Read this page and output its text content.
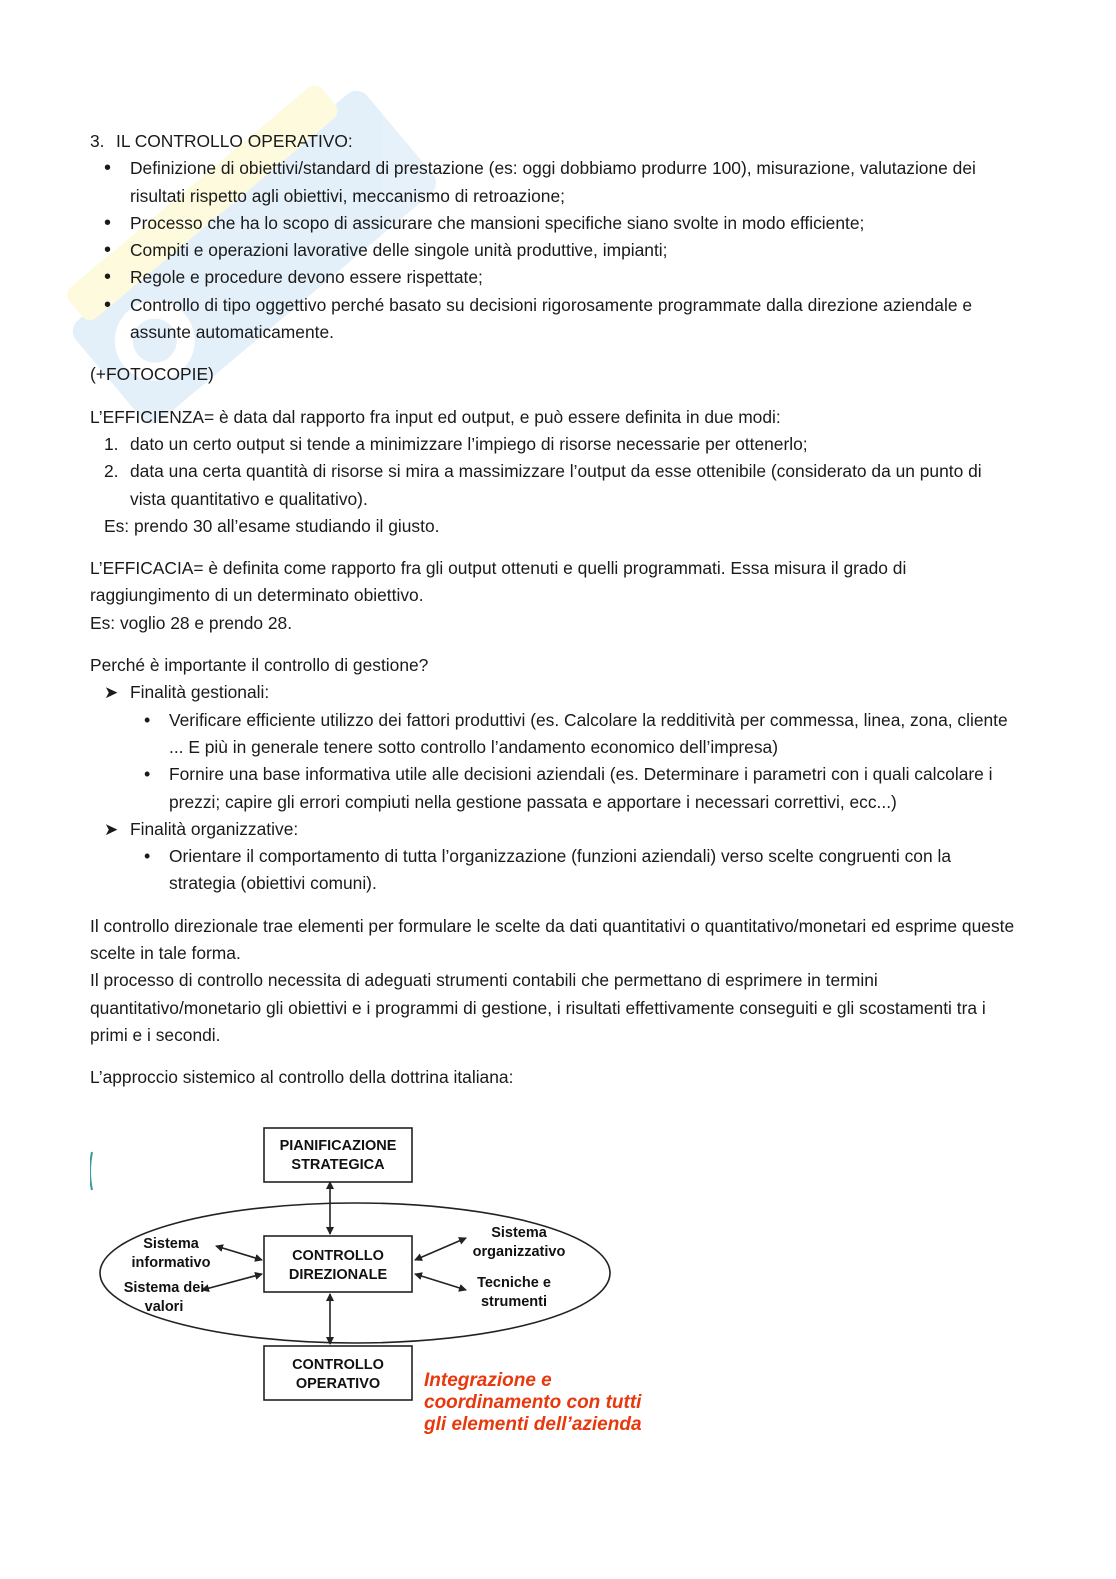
3. IL CONTROLLO OPERATIVO:
• Definizione di obiettivi/standard di prestazione (es: oggi dobbiamo produrre 100), misurazione, valutazione dei risultati rispetto agli obiettivi, meccanismo di retroazione;
• Processo che ha lo scopo di assicurare che mansioni specifiche siano svolte in modo efficiente;
• Compiti e operazioni lavorative delle singole unità produttive, impianti;
• Regole e procedure devono essere rispettate;
• Controllo di tipo oggettivo perché basato su decisioni rigorosamente programmate dalla direzione aziendale e assunte automaticamente.

(+FOTOCOPIE)

L’EFFICIENZA= è data dal rapporto fra input ed output, e può essere definita in due modi:

1. dato un certo output si tende a minimizzare l’impiego di risorse necessarie per ottenerlo;
2. data una certa quantità di risorse si mira a massimizzare l’output da esse ottenibile (considerato da un punto di vista quantitativo e qualitativo).

Es: prendo 30 all’esame studiando il giusto.

L’EFFICACIA= è definita come rapporto fra gli output ottenuti e quelli programmati. Essa misura il grado di raggiungimento di un determinato obiettivo.

Es: voglio 28 e prendo 28.

Perché è importante il controllo di gestione?

➤ Finalità gestionali:
• Verificare efficiente utilizzo dei fattori produttivi (es. Calcolare la redditività per commessa, linea, zona, cliente ... E più in generale tenere sotto controllo l’andamento economico dell’impresa)
• Fornire una base informativa utile alle decisioni aziendali (es. Determinare i parametri con i quali calcolare i prezzi; capire gli errori compiuti nella gestione passata e apportare i necessari correttivi, ecc...)
➤ Finalità organizzative:
• Orientare il comportamento di tutta l’organizzazione (funzioni aziendali) verso scelte congruenti con la strategia (obiettivi comuni).

Il controllo direzionale trae elementi per formulare le scelte da dati quantitativi o quantitativo/monetari ed esprime queste scelte in tale forma.

Il processo di controllo necessita di adeguati strumenti contabili che permettano di esprimere in termini quantitativo/monetario gli obiettivi e i programmi di gestione, i risultati effettivamente conseguiti e gli scostamenti tra i primi e i secondi.

L’approccio sistemico al controllo della dottrina italiana:

PIANIFICAZIONE
STRATEGICA
CONTROLLO
DIREZIONALE
CONTROLLO
OPERATIVO
Sistema
informativo
Sistema dei
valori
Sistema
organizzativo
Tecniche e
strumenti
Integrazione e
coordinamento con tutti
gli elementi dell’azienda
